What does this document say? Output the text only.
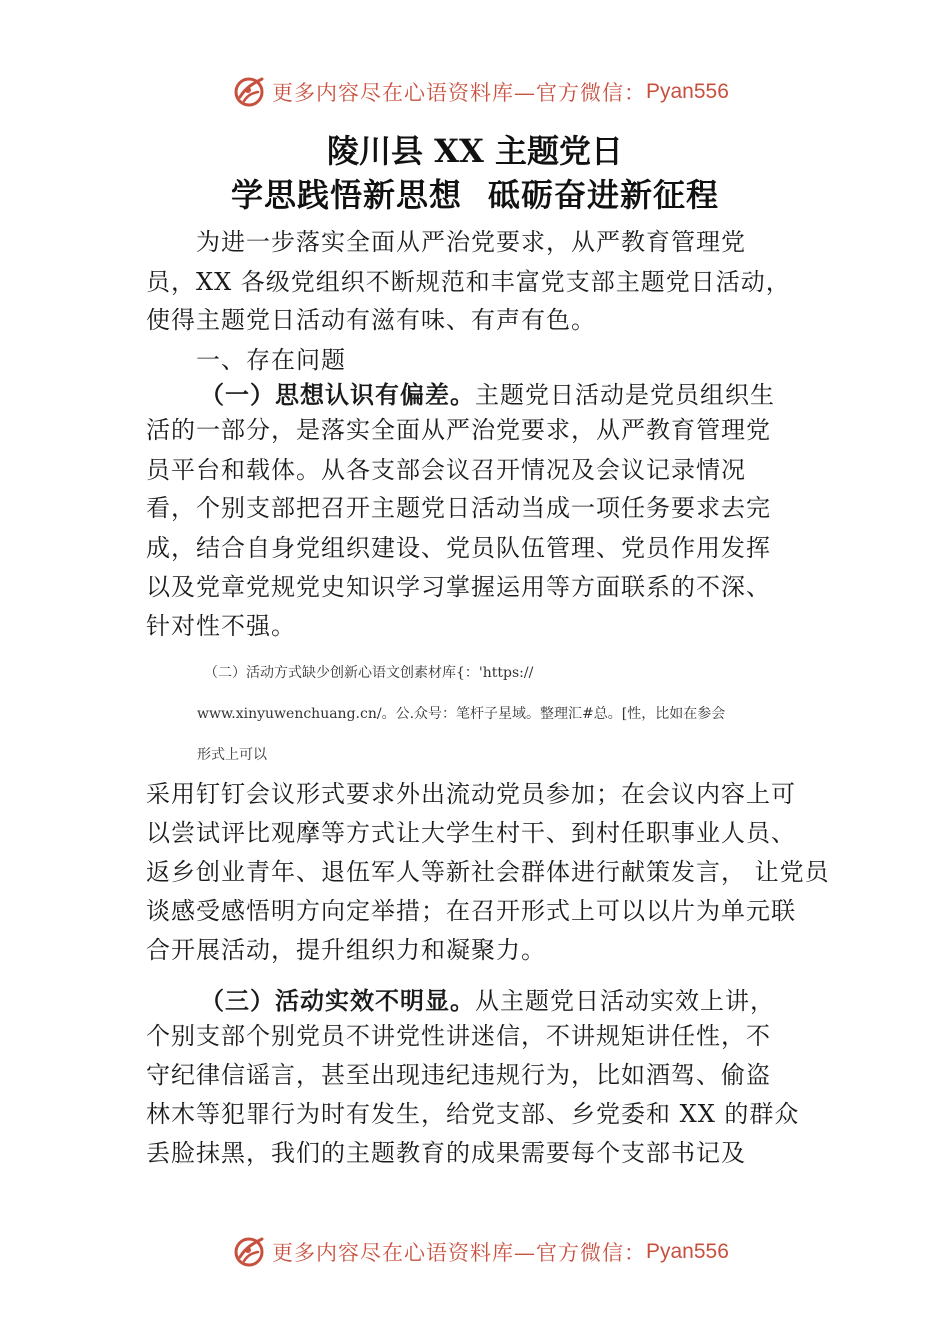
更多内容尽在心语资料库—官方微信： Pyan556
陵川县 XX 主题党日
学思践悟新思想 砥砺奋进新征程
为进一步落实全面从严治党要求，从严教育管理党
员，XX 各级党组织不断规范和丰富党支部主题党日活动，
使得主题党日活动有滋有味、有声有色。
一、存在问题
（一）思想认识有偏差。主题党日活动是党员组织生
活的一部分，是落实全面从严治党要求，从严教育管理党
员平台和载体。从各支部会议召开情况及会议记录情况
看，个别支部把召开主题党日活动当成一项任务要求去完
成，结合自身党组织建设、党员队伍管理、党员作用发挥
以及党章党规党史知识学习掌握运用等方面联系的不深、
针对性不强。
（二）活动方式缺少创新心语文创素材库{：'https://
www.xinyuwenchuang.cn/。公.众号：笔杆子星域。整理汇#总。[性，比如在参会
形式上可以
采用钉钉会议形式要求外出流动党员参加；在会议内容上可
以尝试评比观摩等方式让大学生村干、到村任职事业人员、
返乡创业青年、退伍军人等新社会群体进行献策发言， 让党员
谈感受感悟明方向定举措；在召开形式上可以以片为单元联
合开展活动，提升组织力和凝聚力。
（三）活动实效不明显。从主题党日活动实效上讲，
个别支部个别党员不讲党性讲迷信，不讲规矩讲任性，不
守纪律信谣言，甚至出现违纪违规行为，比如酒驾、偷盗
林木等犯罪行为时有发生，给党支部、乡党委和 XX 的群众
丢脸抹黑，我们的主题教育的成果需要每个支部书记及
更多内容尽在心语资料库—官方微信： Pyan556
